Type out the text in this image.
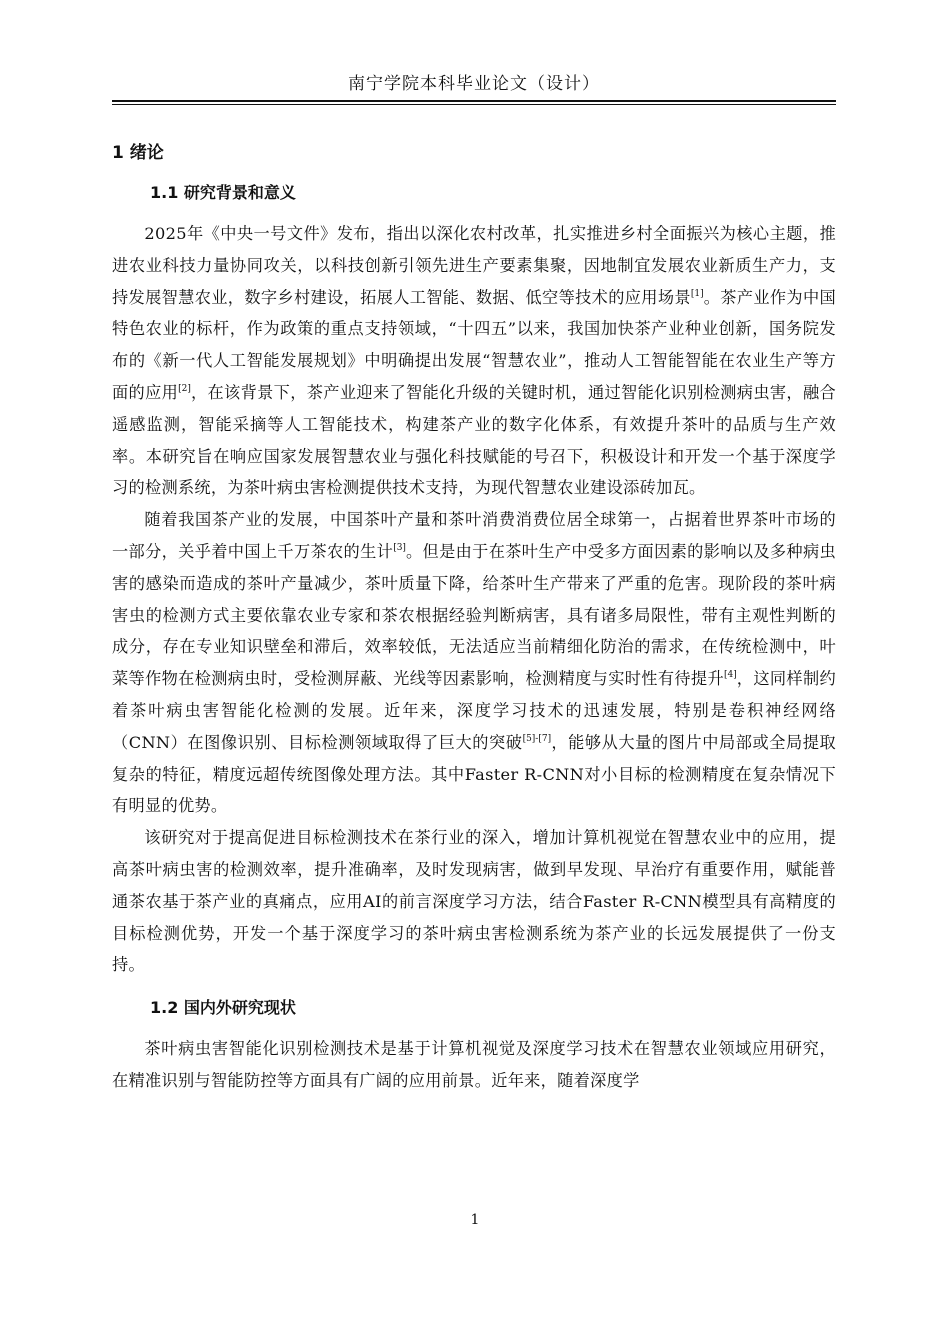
南宁学院本科毕业论文（设计）
1 绪论
1.1 研究背景和意义

2025年《中央一号文件》发布，指出以深化农村改革，扎实推进乡村全面振兴为核心主题，推进农业科技力量协同攻关，以科技创新引领先进生产要素集聚，因地制宜发展农业新质生产力，支持发展智慧农业，数字乡村建设，拓展人工智能、数据、低空等技术的应用场景[1]。茶产业作为中国特色农业的标杆，作为政策的重点支持领域，“十四五”以来，我国加快茶产业种业创新，国务院发布的《新一代人工智能发展规划》中明确提出发展“智慧农业”，推动人工智能智能在农业生产等方面的应用[2]，在该背景下，茶产业迎来了智能化升级的关键时机，通过智能化识别检测病虫害，融合遥感监测，智能采摘等人工智能技术，构建茶产业的数字化体系，有效提升茶叶的品质与生产效率。本研究旨在响应国家发展智慧农业与强化科技赋能的号召下，积极设计和开发一个基于深度学习的检测系统，为茶叶病虫害检测提供技术支持，为现代智慧农业建设添砖加瓦。

随着我国茶产业的发展，中国茶叶产量和茶叶消费消费位居全球第一，占据着世界茶叶市场的一部分，关乎着中国上千万茶农的生计[3]。但是由于在茶叶生产中受多方面因素的影响以及多种病虫害的感染而造成的茶叶产量减少，茶叶质量下降，给茶叶生产带来了严重的危害。现阶段的茶叶病害虫的检测方式主要依靠农业专家和茶农根据经验判断病害，具有诸多局限性，带有主观性判断的成分，存在专业知识壁垒和滞后，效率较低，无法适应当前精细化防治的需求，在传统检测中，叶菜等作物在检测病虫时，受检测屏蔽、光线等因素影响，检测精度与实时性有待提升[4]，这同样制约着茶叶病虫害智能化检测的发展。近年来，深度学习技术的迅速发展，特别是卷积神经网络（CNN）在图像识别、目标检测领域取得了巨大的突破[5]-[7]，能够从大量的图片中局部或全局提取复杂的特征，精度远超传统图像处理方法。其中Faster R-CNN对小目标的检测精度在复杂情况下有明显的优势。

该研究对于提高促进目标检测技术在茶行业的深入，增加计算机视觉在智慧农业中的应用，提高茶叶病虫害的检测效率，提升准确率，及时发现病害，做到早发现、早治疗有重要作用，赋能普通茶农基于茶产业的真痛点，应用AI的前言深度学习方法，结合Faster R-CNN模型具有高精度的目标检测优势，开发一个基于深度学习的茶叶病虫害检测系统为茶产业的长远发展提供了一份支持。

1.2 国内外研究现状

茶叶病虫害智能化识别检测技术是基于计算机视觉及深度学习技术在智慧农业领域应用研究，在精准识别与智能防控等方面具有广阔的应用前景。近年来，随着深度学

1
